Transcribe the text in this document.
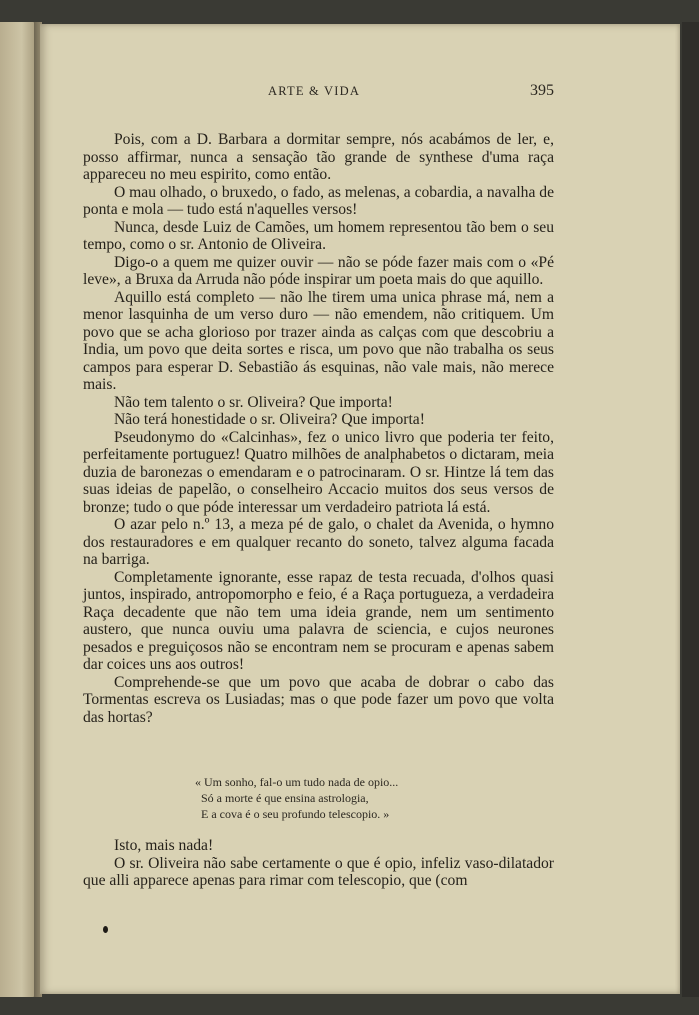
ARTE & VIDA	395

Pois, com a D. Barbara a dormitar sempre, nós acabámos de ler, e, posso affirmar, nunca a sensação tão grande de synthese d'uma raça appareceu no meu espirito, como então.

O mau olhado, o bruxedo, o fado, as melenas, a cobardia, a navalha de ponta e mola — tudo está n'aquelles versos!

Nunca, desde Luiz de Camões, um homem representou tão bem o seu tempo, como o sr. Antonio de Oliveira.

Digo-o a quem me quizer ouvir — não se póde fazer mais com o «Pé leve», a Bruxa da Arruda não póde inspirar um poeta mais do que aquillo.

Aquillo está completo — não lhe tirem uma unica phrase má, nem a menor lasquinha de um verso duro — não emendem, não critiquem. Um povo que se acha glorioso por trazer ainda as calças com que descobriu a India, um povo que deita sortes e risca, um povo que não trabalha os seus campos para esperar D. Sebastião ás esquinas, não vale mais, não merece mais.

Não tem talento o sr. Oliveira? Que importa!

Não terá honestidade o sr. Oliveira? Que importa!

Pseudonymo do «Calcinhas», fez o unico livro que poderia ter feito, perfeitamente portuguez! Quatro milhões de analphabetos o dictaram, meia duzia de baronezas o emendaram e o patrocinaram. O sr. Hintze lá tem das suas ideias de papelão, o conselheiro Accacio muitos dos seus versos de bronze; tudo o que póde interessar um verdadeiro patriota lá está.

O azar pelo n.º 13, a meza pé de galo, o chalet da Avenida, o hymno dos restauradores e em qualquer recanto do soneto, talvez alguma facada na barriga.

Completamente ignorante, esse rapaz de testa recuada, d'olhos quasi juntos, inspirado, antropomorpho e feio, é a Raça portugueza, a verdadeira Raça decadente que não tem uma ideia grande, nem um sentimento austero, que nunca ouviu uma palavra de sciencia, e cujos neurones pesados e preguiçosos não se encontram nem se procuram e apenas sabem dar coices uns aos outros!

Comprehende-se que um povo que acaba de dobrar o cabo das Tormentas escreva os Lusiadas; mas o que pode fazer um povo que volta das hortas?

« Um sonho, fal-o um tudo nada de opio...
Só a morte é que ensina astrologia,
E a cova é o seu profundo telescopio. »

Isto, mais nada!

O sr. Oliveira não sabe certamente o que é opio, infeliz vaso-dilatador que alli apparece apenas para rimar com telescopio, que (com
